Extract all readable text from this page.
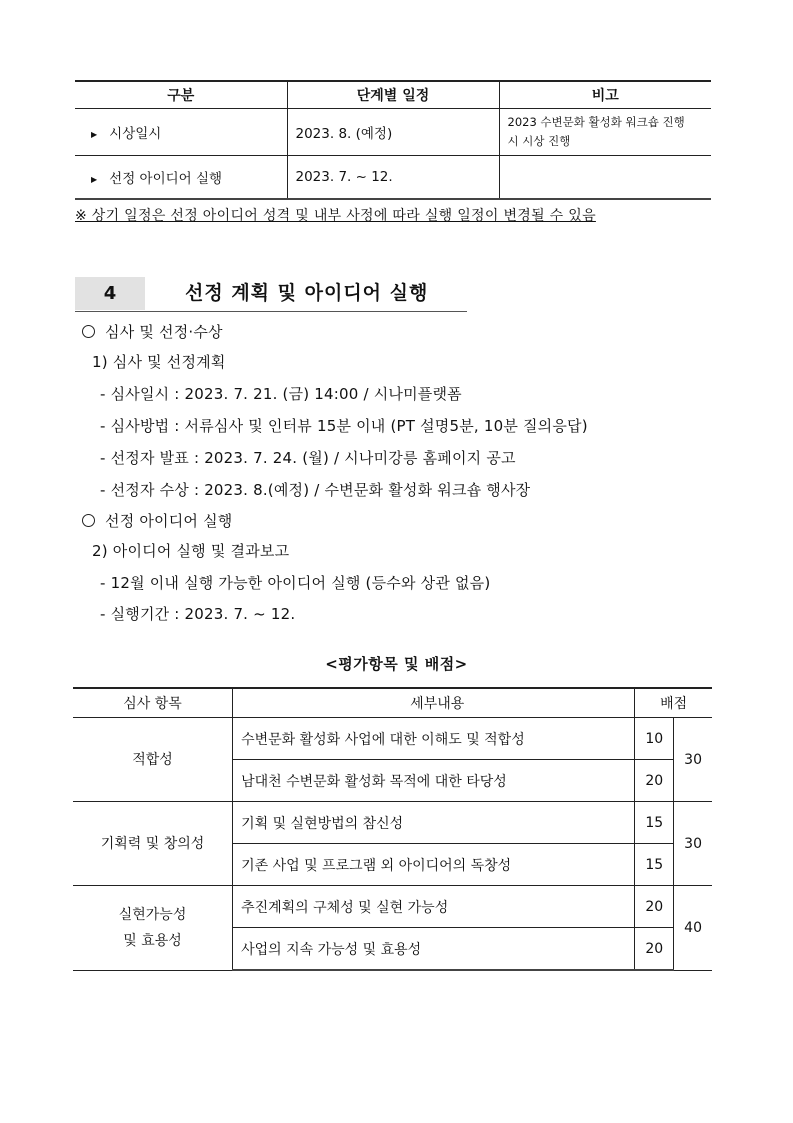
구분	단계별 일정	비고
▶ 시상일시	2023. 8. (예정)	2023 수변문화 활성화 워크숍 진행
시 시상 진행

▶ 선정 아이디어 실행	2023. 7. ~ 12.	
※ 상기 일정은 선정 아이디어 성격 및 내부 사정에 따라 실행 일정이 변경될 수 있음
4	선정 계획 및 아이디어 실행
심사 및 선정·수상
1) 심사 및 선정계획
- 심사일시 : 2023. 7. 21. (금) 14:00 / 시나미플랫폼
- 심사방법 : 서류심사 및 인터뷰 15분 이내 (PT 설명5분, 10분 질의응답)
- 선정자 발표 : 2023. 7. 24. (월) / 시나미강릉 홈페이지 공고
- 선정자 수상 : 2023. 8.(예정) / 수변문화 활성화 워크숍 행사장
선정 아이디어 실행
2) 아이디어 실행 및 결과보고
- 12월 이내 실행 가능한 아이디어 실행 (등수와 상관 없음)
- 실행기간 : 2023. 7. ~ 12.
<평가항목 및 배점>
심사 항목	세부내용	배점	

적합성	수변문화 활성화 사업에 대한 이해도 및 적합성	10	30
	남대천 수변문화 활성화 목적에 대한 타당성	20	

기획력 및 창의성	기획 및 실현방법의 참신성	15	30
	기존 사업 및 프로그램 외 아이디어의 독창성	15	

실현가능성
및 효용성	추진계획의 구체성 및 실현 가능성	20	40
	사업의 지속 가능성 및 효용성	20	
